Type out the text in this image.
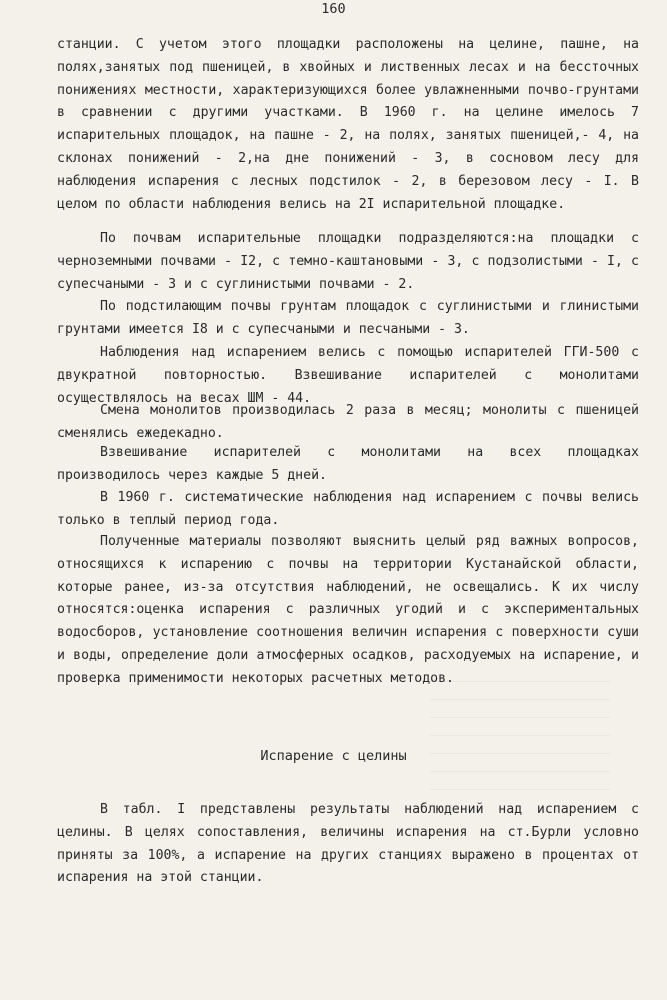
160

станции. С учетом этого площадки расположены на целине, пашне, на полях,занятых под пшеницей, в хвойных и лиственных лесах и на бессточных понижениях местности, характеризующихся более увлажненными почво-грунтами в сравнении с другими участками. В 1960 г. на целине имелось 7 испарительных площадок, на пашне - 2, на полях, занятых пшеницей,- 4, на склонах понижений - 2,на дне понижений - 3, в сосновом лесу для наблюдения испарения с лесных подстилок - 2, в березовом лесу - I. В целом по области наблюдения велись на 2I испарительной площадке.

По почвам испарительные площадки подразделяются:на площадки с черноземными почвами - I2, с темно-каштановыми - 3, с подзолистыми - I, с супесчаными - 3 и с суглинистыми почвами - 2.

По подстилающим почвы грунтам площадок с суглинистыми и глинистыми грунтами имеется I8 и с супесчаными и песчаными - 3.

Наблюдения над испарением велись с помощью испарителей ГГИ-500 с двукратной повторностью. Взвешивание испарителей с монолитами осуществлялось на весах ШМ - 44.

Смена монолитов производилась 2 раза в месяц; монолиты с пшеницей сменялись ежедекадно.

Взвешивание испарителей с монолитами на всех площадках производилось через каждые 5 дней.

В 1960 г. систематические наблюдения над испарением с почвы велись только в теплый период года.

Полученные материалы позволяют выяснить целый ряд важных вопросов, относящихся к испарению с почвы на территории Кустанайской области, которые ранее, из-за отсутствия наблюдений, не освещались. К их числу относятся:оценка испарения с различных угодий и с экспериментальных водосборов, установление соотношения величин испарения с поверхности суши и воды, определение доли атмосферных осадков, расходуемых на испарение, и проверка применимости некоторых расчетных методов.

Испарение с целины

В табл. I представлены результаты наблюдений над испарением с целины. В целях сопоставления, величины испарения на ст.Бурли условно приняты за 100%, а испарение на других станциях выражено в процентах от испарения на этой станции.
